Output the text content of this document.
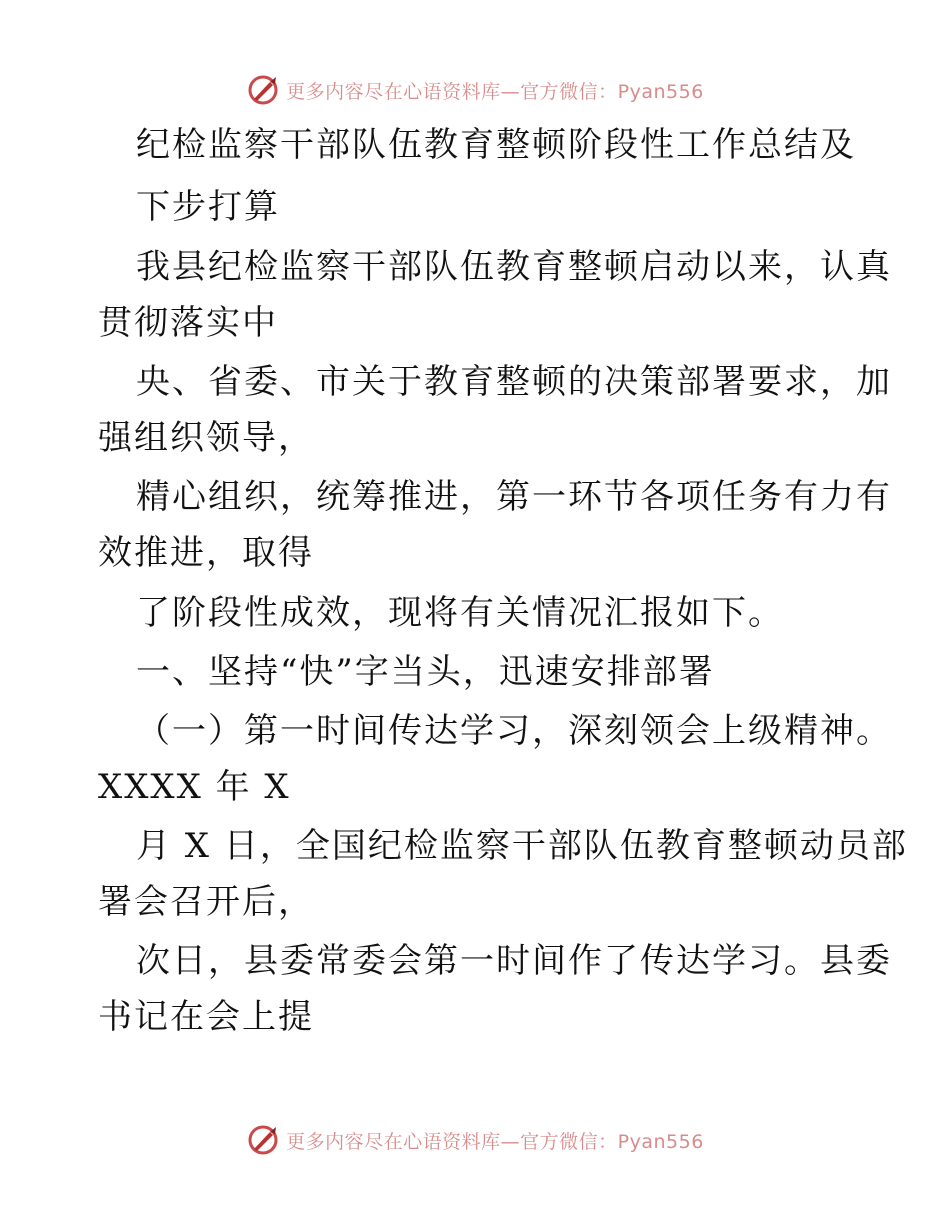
更多内容尽在心语资料库—官方微信：Pyan556
纪检监察干部队伍教育整顿阶段性工作总结及
下步打算
我县纪检监察干部队伍教育整顿启动以来，认真
贯彻落实中
央、省委、市关于教育整顿的决策部署要求，加
强组织领导，
精心组织，统筹推进，第一环节各项任务有力有
效推进，取得
了阶段性成效，现将有关情况汇报如下。
一、坚持“快”字当头，迅速安排部署
（一）第一时间传达学习，深刻领会上级精神。
XXXX 年 X
月 X 日，全国纪检监察干部队伍教育整顿动员部
署会召开后，
次日，县委常委会第一时间作了传达学习。县委
书记在会上提
更多内容尽在心语资料库—官方微信：Pyan556
